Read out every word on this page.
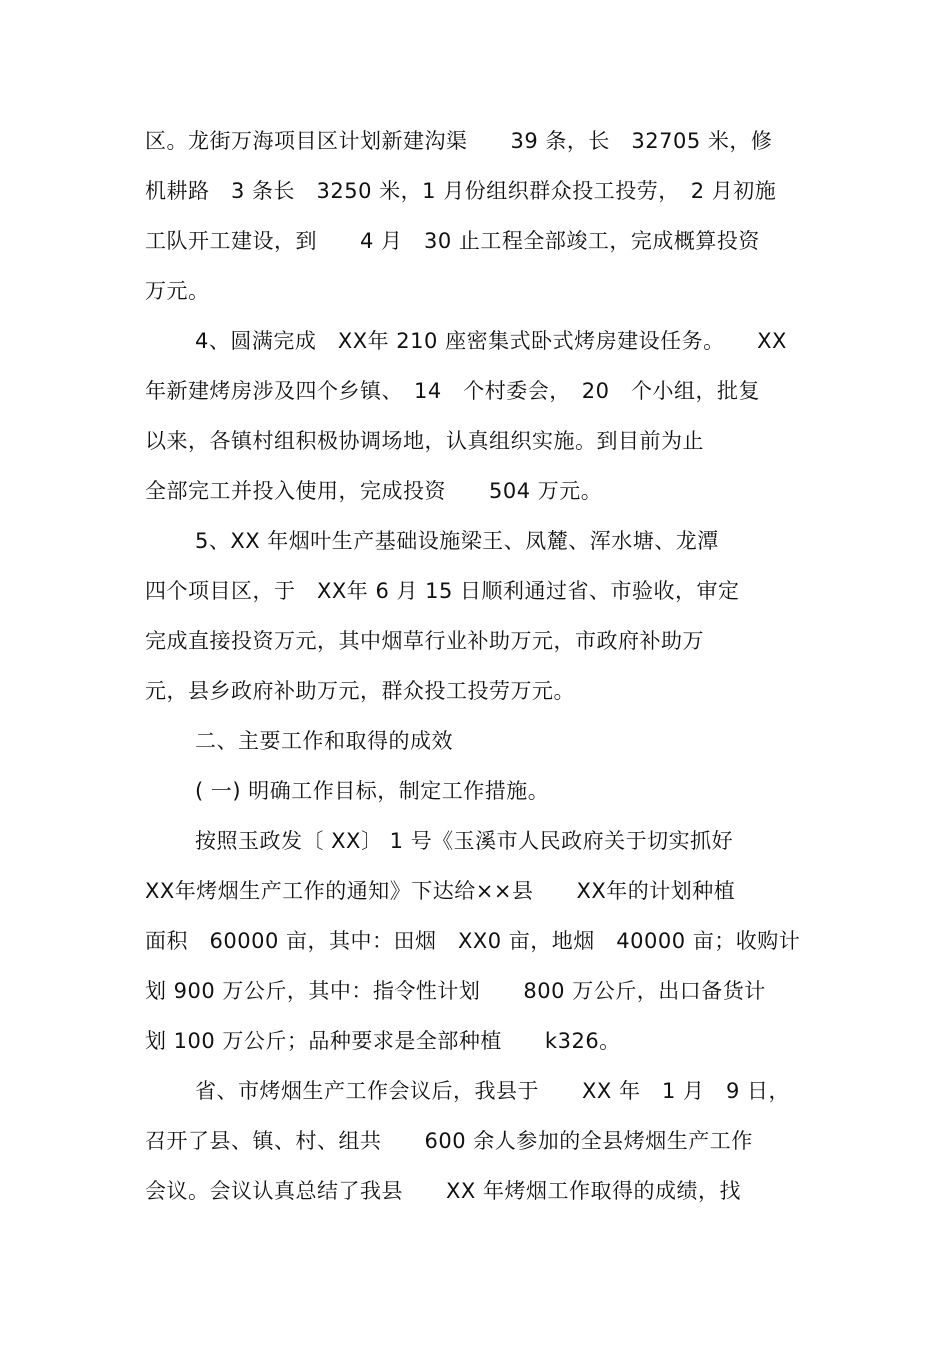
区。龙街万海项目区计划新建沟渠　　39 条，长　32705 米，修
机耕路　3 条长　3250 米，1 月份组织群众投工投劳，　2 月初施
工队开工建设，到　　4 月　30 止工程全部竣工，完成概算投资
万元。
4、圆满完成　XX年 210 座密集式卧式烤房建设任务。　　XX
年新建烤房涉及四个乡镇、　14　个村委会，　20　个小组，批复
以来，各镇村组积极协调场地，认真组织实施。到目前为止
全部完工并投入使用，完成投资　　504 万元。
5、XX 年烟叶生产基础设施梁王、凤麓、浑水塘、龙潭
四个项目区，于　XX年 6 月 15 日顺利通过省、市验收，审定
完成直接投资万元，其中烟草行业补助万元，市政府补助万
元，县乡政府补助万元，群众投工投劳万元。
二、主要工作和取得的成效
( 一) 明确工作目标，制定工作措施。
按照玉政发〔 XX〕 1 号《玉溪市人民政府关于切实抓好
XX年烤烟生产工作的通知》下达给××县　　XX年的计划种植
面积　60000 亩，其中：田烟　XX0 亩，地烟　40000 亩；收购计
划 900 万公斤，其中：指令性计划　　800 万公斤，出口备货计
划 100 万公斤；品种要求是全部种植　　k326。
省、市烤烟生产工作会议后，我县于　　XX 年　1 月　9 日，
召开了县、镇、村、组共　　600 余人参加的全县烤烟生产工作
会议。会议认真总结了我县　　XX 年烤烟工作取得的成绩，找
